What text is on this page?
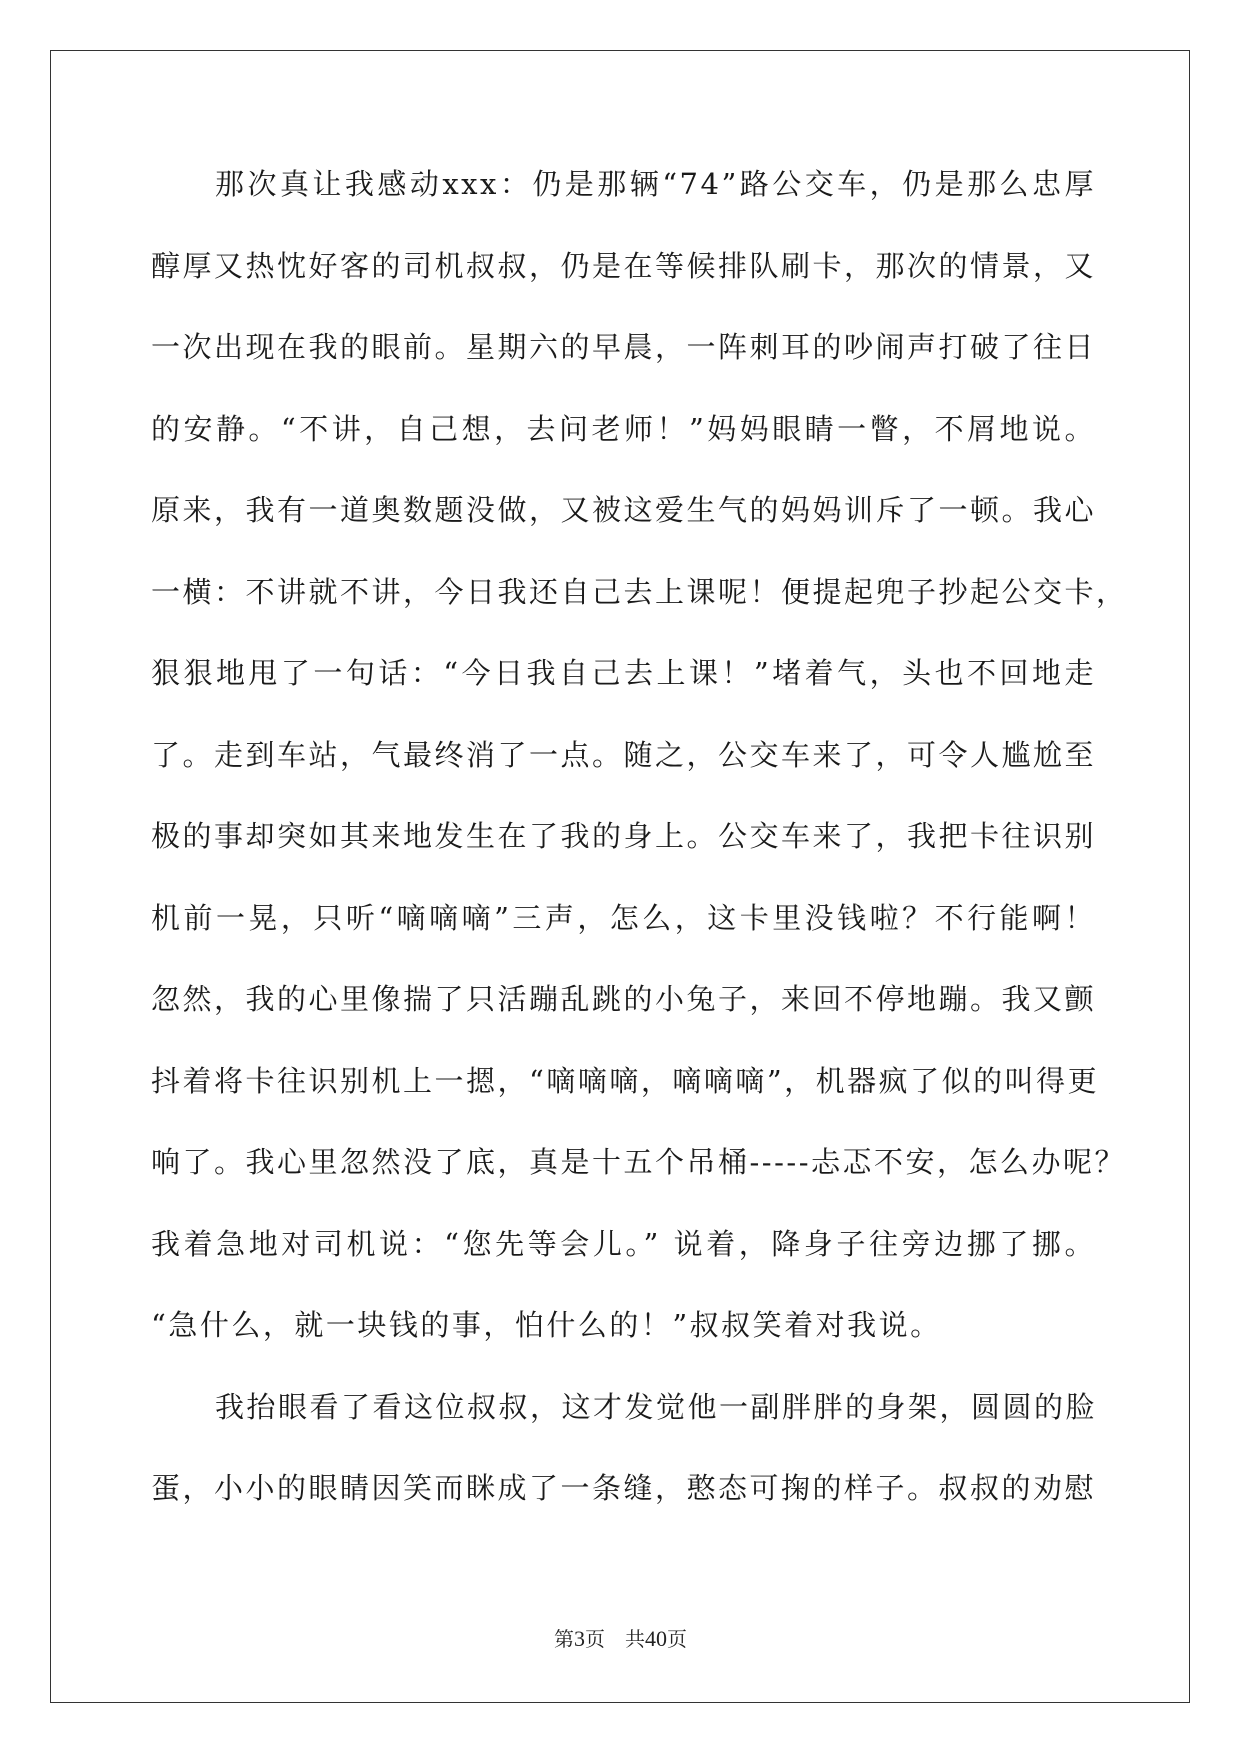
那次真让我感动xxx：仍是那辆“74”路公交车，仍是那么忠厚
醇厚又热忱好客的司机叔叔，仍是在等候排队刷卡，那次的情景，又
一次出现在我的眼前。星期六的早晨，一阵刺耳的吵闹声打破了往日
的安静。“不讲，自己想，去问老师！”妈妈眼睛一瞥，不屑地说。
原来，我有一道奥数题没做，又被这爱生气的妈妈训斥了一顿。我心
一横：不讲就不讲，今日我还自己去上课呢！便提起兜子抄起公交卡，
狠狠地甩了一句话：“今日我自己去上课！”堵着气，头也不回地走
了。走到车站，气最终消了一点。随之，公交车来了，可令人尴尬至
极的事却突如其来地发生在了我的身上。公交车来了，我把卡往识别
机前一晃，只听“嘀嘀嘀”三声，怎么，这卡里没钱啦？不行能啊！
忽然，我的心里像揣了只活蹦乱跳的小兔子，来回不停地蹦。我又颤
抖着将卡往识别机上一摁，“嘀嘀嘀，嘀嘀嘀”，机器疯了似的叫得更
响了。我心里忽然没了底，真是十五个吊桶-----忐忑不安，怎么办呢？
我着急地对司机说：“您先等会儿。” 说着，降身子往旁边挪了挪。
“急什么，就一块钱的事，怕什么的！”叔叔笑着对我说。
我抬眼看了看这位叔叔，这才发觉他一副胖胖的身架，圆圆的脸
蛋，小小的眼睛因笑而眯成了一条缝，憨态可掬的样子。叔叔的劝慰
第3页　共40页
